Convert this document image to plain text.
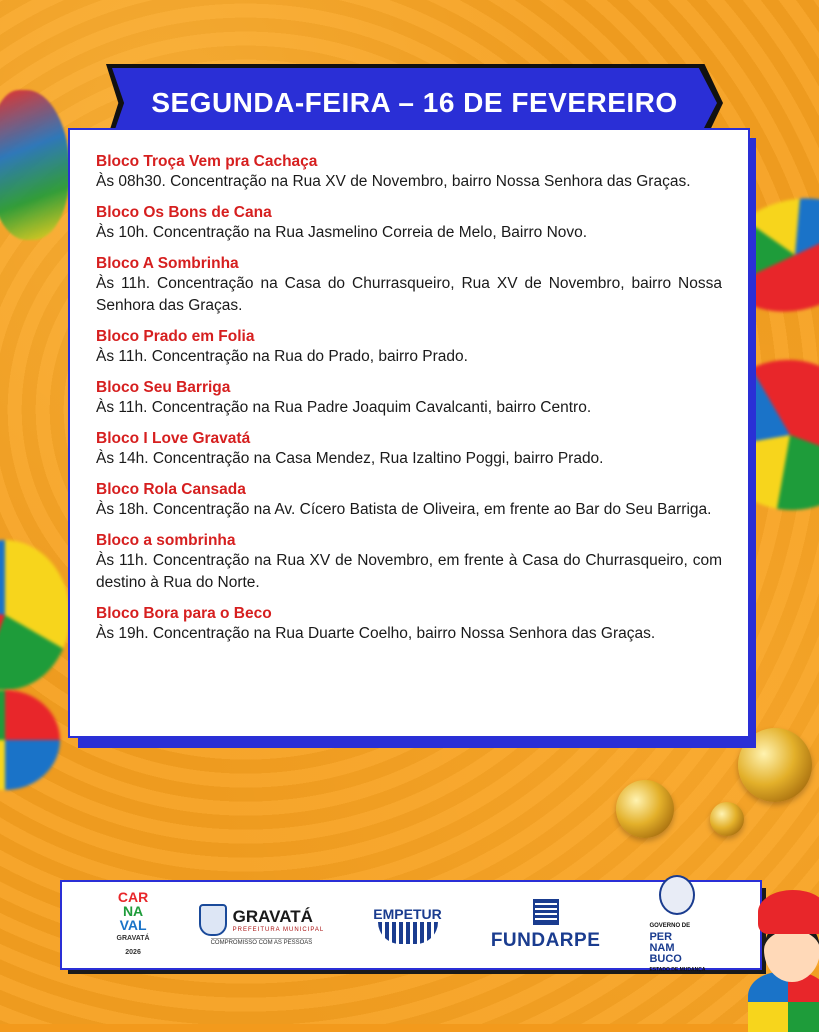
SEGUNDA-FEIRA – 16 DE FEVEREIRO
Bloco Troça Vem pra Cachaça
Às 08h30. Concentração na Rua XV de Novembro, bairro Nossa Senhora das Graças.
Bloco Os Bons de Cana
Às 10h. Concentração na Rua Jasmelino Correia de Melo, Bairro Novo.
Bloco A Sombrinha
Às 11h. Concentração na Casa do Churrasqueiro, Rua XV de Novembro, bairro Nossa Senhora das Graças.
Bloco Prado em Folia
Às 11h. Concentração na Rua do Prado, bairro Prado.
Bloco Seu Barriga
Às 11h. Concentração na Rua Padre Joaquim Cavalcanti, bairro Centro.
Bloco I Love Gravatá
Às 14h. Concentração na Casa Mendez, Rua Izaltino Poggi, bairro Prado.
Bloco Rola Cansada
Às 18h. Concentração na Av. Cícero Batista de Oliveira, em frente ao Bar do Seu Barriga.
Bloco a sombrinha
Às 11h. Concentração na Rua XV de Novembro, em frente à Casa do Churrasqueiro, com destino à Rua do Norte.
Bloco Bora para o Beco
Às 19h. Concentração na Rua Duarte Coelho, bairro Nossa Senhora das Graças.
CAR
NA
VAL
GRAVATÁ
2026
GRAVATÁ
PREFEITURA MUNICIPAL
COMPROMISSO COM AS PESSOAS
EMPETUR
FUNDARPE
GOVERNO DE
PER
NAM
BUCO
ESTADO DE MUDANÇA
